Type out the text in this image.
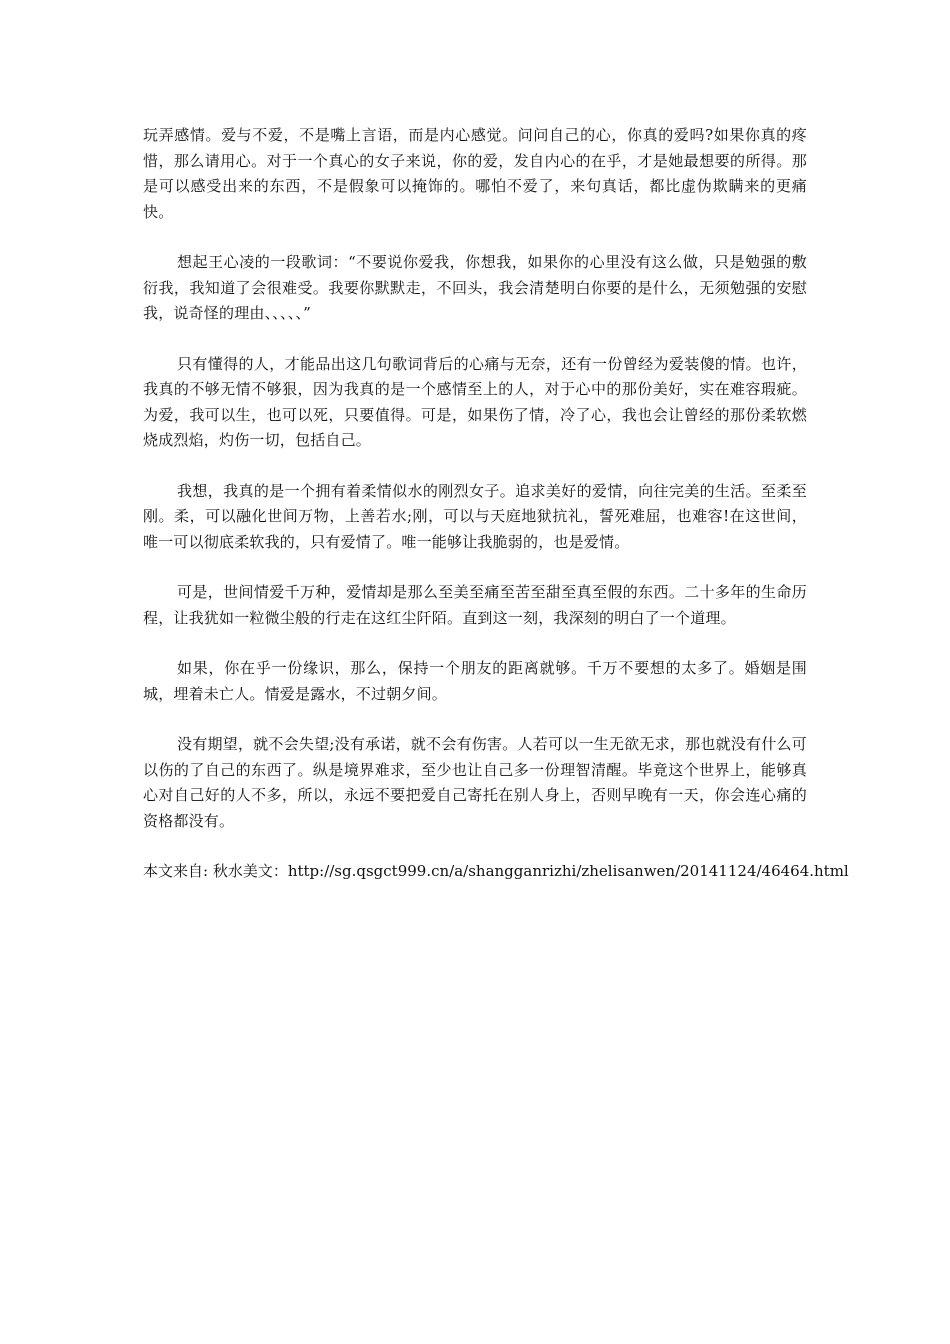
玩弄感情。爱与不爱，不是嘴上言语，而是内心感觉。问问自己的心，你真的爱吗?如果你真的疼惜，那么请用心。对于一个真心的女子来说，你的爱，发自内心的在乎，才是她最想要的所得。那是可以感受出来的东西，不是假象可以掩饰的。哪怕不爱了，来句真话，都比虚伪欺瞒来的更痛快。

想起王心凌的一段歌词：“不要说你爱我，你想我，如果你的心里没有这么做，只是勉强的敷衍我，我知道了会很难受。我要你默默走，不回头，我会清楚明白你要的是什么，无须勉强的安慰我，说奇怪的理由、、、、、”

只有懂得的人，才能品出这几句歌词背后的心痛与无奈，还有一份曾经为爱装傻的情。也许，我真的不够无情不够狠，因为我真的是一个感情至上的人，对于心中的那份美好，实在难容瑕疵。为爱，我可以生，也可以死，只要值得。可是，如果伤了情，冷了心，我也会让曾经的那份柔软燃烧成烈焰，灼伤一切，包括自己。

我想，我真的是一个拥有着柔情似水的刚烈女子。追求美好的爱情，向往完美的生活。至柔至刚。柔，可以融化世间万物，上善若水;刚，可以与天庭地狱抗礼，誓死难屈，也难容!在这世间，唯一可以彻底柔软我的，只有爱情了。唯一能够让我脆弱的，也是爱情。

可是，世间情爱千万种，爱情却是那么至美至痛至苦至甜至真至假的东西。二十多年的生命历程，让我犹如一粒微尘般的行走在这红尘阡陌。直到这一刻，我深刻的明白了一个道理。

如果，你在乎一份缘识，那么，保持一个朋友的距离就够。千万不要想的太多了。婚姻是围城，埋着未亡人。情爱是露水，不过朝夕间。

没有期望，就不会失望;没有承诺，就不会有伤害。人若可以一生无欲无求，那也就没有什么可以伤的了自己的东西了。纵是境界难求，至少也让自己多一份理智清醒。毕竟这个世界上，能够真心对自己好的人不多，所以，永远不要把爱自己寄托在别人身上，否则早晚有一天，你会连心痛的资格都没有。

本文来自: 秋水美文：http://sg.qsgct999.cn/a/shangganrizhi/zhelisanwen/20141124/46464.html
